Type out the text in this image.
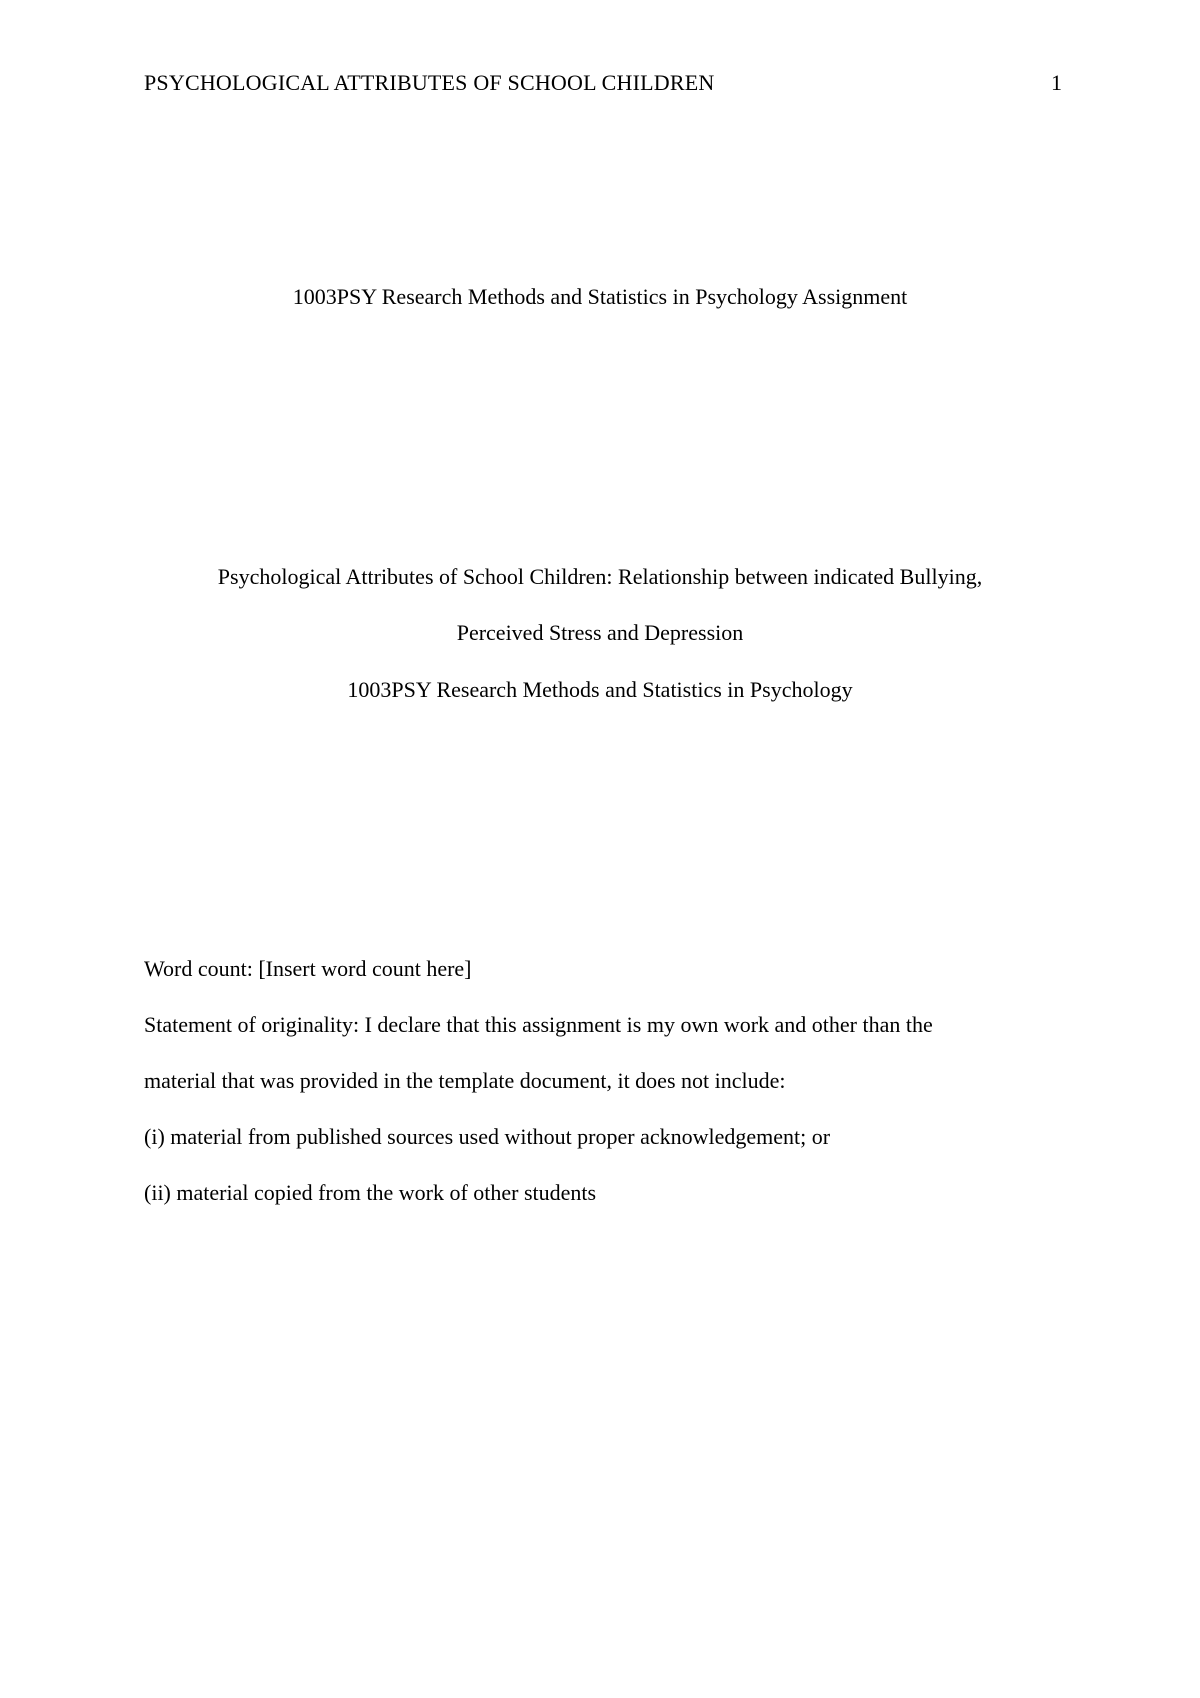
PSYCHOLOGICAL ATTRIBUTES OF SCHOOL CHILDREN	1
1003PSY Research Methods and Statistics in Psychology Assignment
Psychological Attributes of School Children: Relationship between indicated Bullying,
Perceived Stress and Depression
1003PSY Research Methods and Statistics in Psychology
Word count: [Insert word count here]
Statement of originality: I declare that this assignment is my own work and other than the
material that was provided in the template document, it does not include:
(i) material from published sources used without proper acknowledgement; or
(ii) material copied from the work of other students
